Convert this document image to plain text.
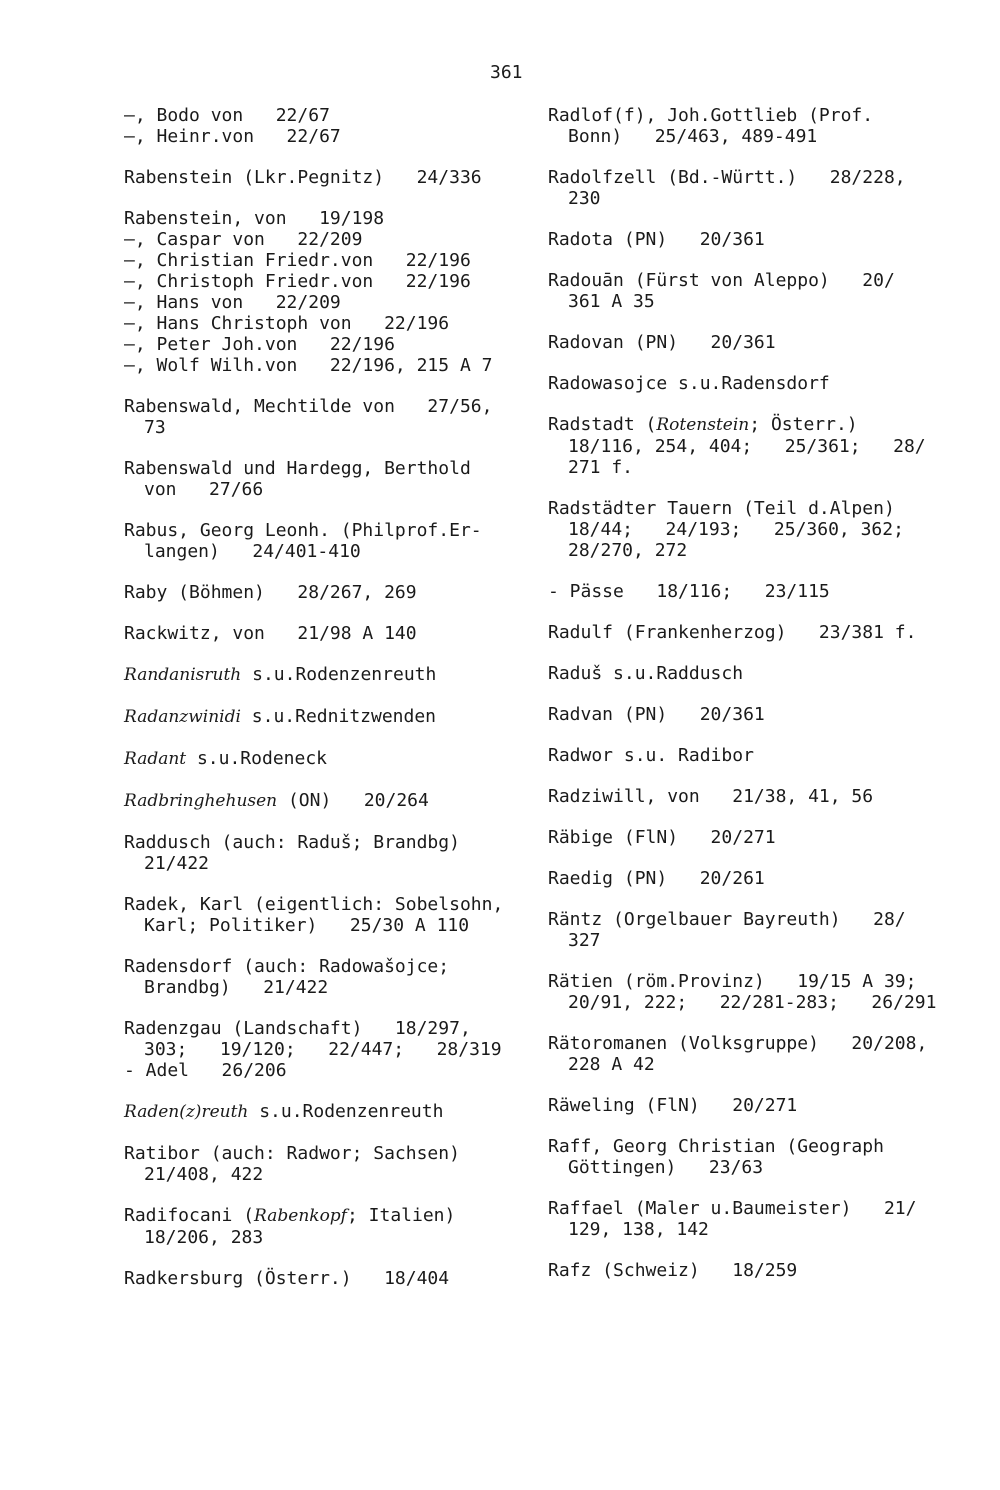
361
—, Bodo von   22/67
—, Heinr.von   22/67
Rabenstein (Lkr.Pegnitz)   24/336
Rabenstein, von   19/198
—, Caspar von   22/209
—, Christian Friedr.von   22/196
—, Christoph Friedr.von   22/196
—, Hans von   22/209
—, Hans Christoph von   22/196
—, Peter Joh.von   22/196
—, Wolf Wilh.von   22/196, 215 A 7
Rabenswald, Mechtilde von   27/56,
73
Rabenswald und Hardegg, Berthold
von   27/66
Rabus, Georg Leonh. (Philprof.Er-
langen)   24/401-410
Raby (Böhmen)   28/267, 269
Rackwitz, von   21/98 A 140
Randanisruth s.u.Rodenzenreuth
Radanzwinidi s.u.Rednitzwenden
Radant s.u.Rodeneck
Radbringhehusen (ON)   20/264
Raddusch (auch: Raduš; Brandbg)
21/422
Radek, Karl (eigentlich: Sobelsohn,
Karl; Politiker)   25/30 A 110
Radensdorf (auch: Radowašojce;
Brandbg)   21/422
Radenzgau (Landschaft)   18/297,
303;   19/120;   22/447;   28/319
- Adel   26/206
Raden(z)reuth s.u.Rodenzenreuth
Ratibor (auch: Radwor; Sachsen)
21/408, 422
Radifocani (Rabenkopf; Italien)
18/206, 283
Radkersburg (Österr.)   18/404
Radlof(f), Joh.Gottlieb (Prof.
Bonn)   25/463, 489-491
Radolfzell (Bd.-Württ.)   28/228,
230
Radota (PN)   20/361
Radouān (Fürst von Aleppo)   20/
361 A 35
Radovan (PN)   20/361
Radowasojce s.u.Radensdorf
Radstadt (Rotenstein; Österr.)
18/116, 254, 404;   25/361;   28/
271 f.
Radstädter Tauern (Teil d.Alpen)
18/44;   24/193;   25/360, 362;
28/270, 272
- Pässe   18/116;   23/115
Radulf (Frankenherzog)   23/381 f.
Raduš s.u.Raddusch
Radvan (PN)   20/361
Radwor s.u. Radibor
Radziwill, von   21/38, 41, 56
Räbige (FlN)   20/271
Raedig (PN)   20/261
Räntz (Orgelbauer Bayreuth)   28/
327
Rätien (röm.Provinz)   19/15 A 39;
20/91, 222;   22/281-283;   26/291
Rätoromanen (Volksgruppe)   20/208,
228 A 42
Räweling (FlN)   20/271
Raff, Georg Christian (Geograph
Göttingen)   23/63
Raffael (Maler u.Baumeister)   21/
129, 138, 142
Rafz (Schweiz)   18/259
